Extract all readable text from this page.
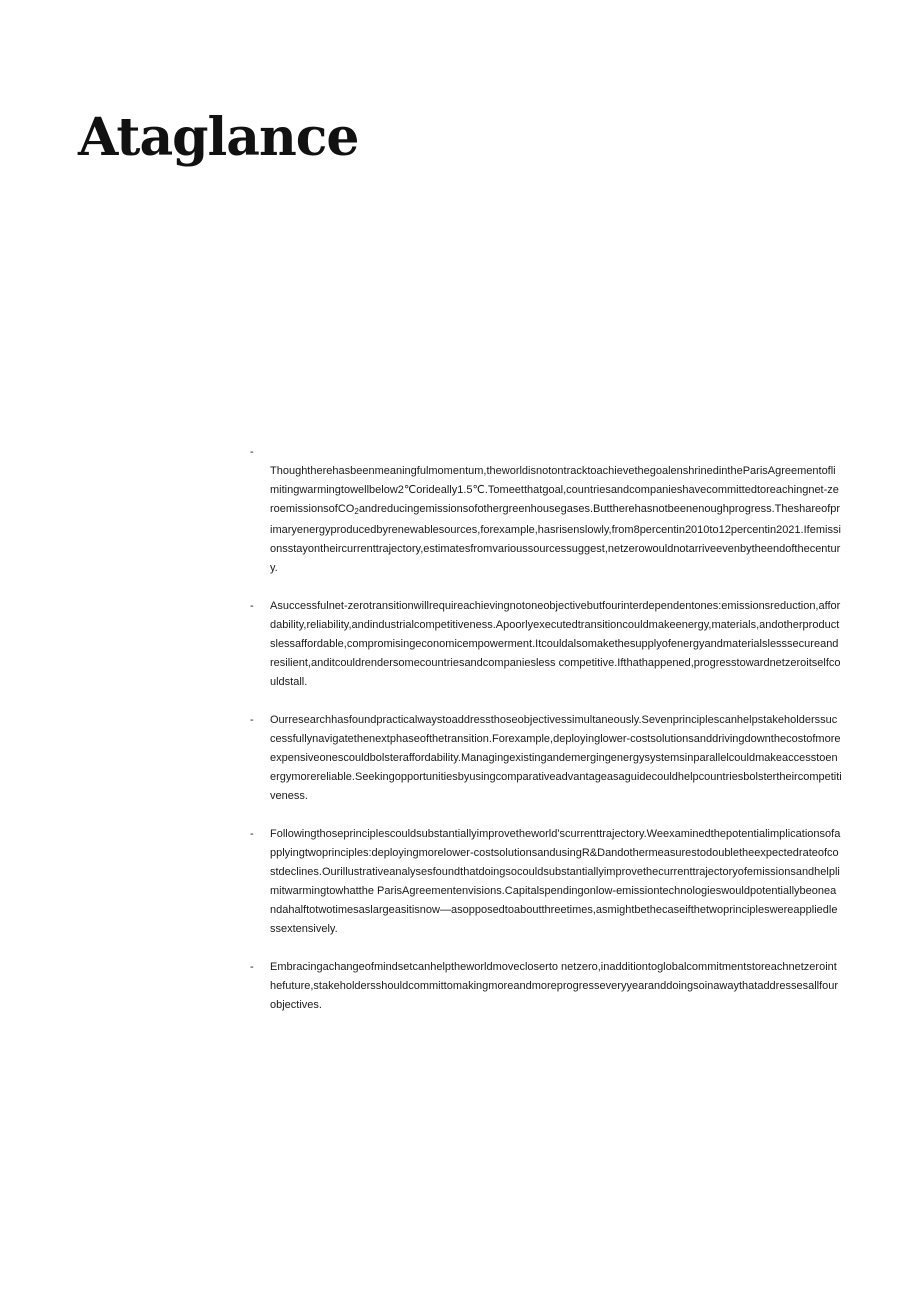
Ataglance
-
Thoughtherehasbeenmeaningfulmomentum,theworldisnotontracktoachievethegoalenshrinedintheParisAgreementoflimitingwarmingtowellbelow2℃orideally1.5℃.Tomeetthatgoal,countriesandcompanieshavecommittedtoreachingnet-zeroemissionsofCO$_2$andreducingemissionsofothergreenhousegases.Buttherehasnotbeenenoughprogress.Theshareofprimaryenergyproducedbyrenewablesources,forexample,hasrisenslowly,from8percentin2010to12percentin2021.Ifemissionsstayontheircurrenttrajectory,estimatesfromvarioussourcessuggest,netzerowouldnotarriveevenbytheendofthecentury.
- Asuccessfulnet-zerotransitionwillrequireachievingnotoneobjectivebutfourinterdependentones:emissionsreduction,affordability,reliability,andindustrialcompetitiveness.Apoorlyexecutedtransitioncouldmakeenergy,materials,andotherproductslessaffordable,compromisingeconomicempowerment.Itcouldalsomakethesupplyofenergyandmaterialslesssecureandresilient,anditcouldrendersomecountriesandcompaniesless competitive.Ifthathappened,progresstowardnetzeroitselfcouldstall.
- Ourresearchhasfoundpracticalwaystoaddressthoseobjectivessimultaneously.Sevenprinciplescanhelpstakeholderssuccessfullynavigatethenextphaseofthetransition.Forexample,deployinglower-costsolutionsanddrivingdownthecostofmoreexpensiveonescouldbolsteraffordability.Managingexistingandemergingenergysystemsinparallelcouldmakeaccesstoenergymorereliable.Seekingopportunitiesbyusingcomparativeadvantageasaguidecouldhelpcountriesbolstertheircompetitiveness.
- Followingthoseprinciplescouldsubstantiallyimprovetheworld'scurrenttrajectory.Weexaminedthepotentialimplicationsofapplyingtwoprinciples:deployingmorelower-costsolutionsandusingR&Dandothermeasurestodoubletheexpectedrateofcostdeclines.Ourillustrativeanalysesfoundthatdoingsocouldsubstantiallyimprovethecurrenttrajectoryofemissionsandhelplimitwarmingtowhatthe ParisAgreementenvisions.Capitalspendingonlow-emissiontechnologieswouldpotentiallybeoneandahalftotwotimesaslargeasitisnow—asopposedtoaboutthreetimes,asmightbethecaseifthetwoprincipleswereappliedlessextensively.
- Embracingachangeofmindsetcanhelptheworldmovecloserto netzero,inadditiontoglobalcommitmentstoreachnetzerointhefuture,stakeholdersshouldcommittomakingmoreandmoreprogresseveryyearanddoingsoinawaythataddressesallfourobjectives.
